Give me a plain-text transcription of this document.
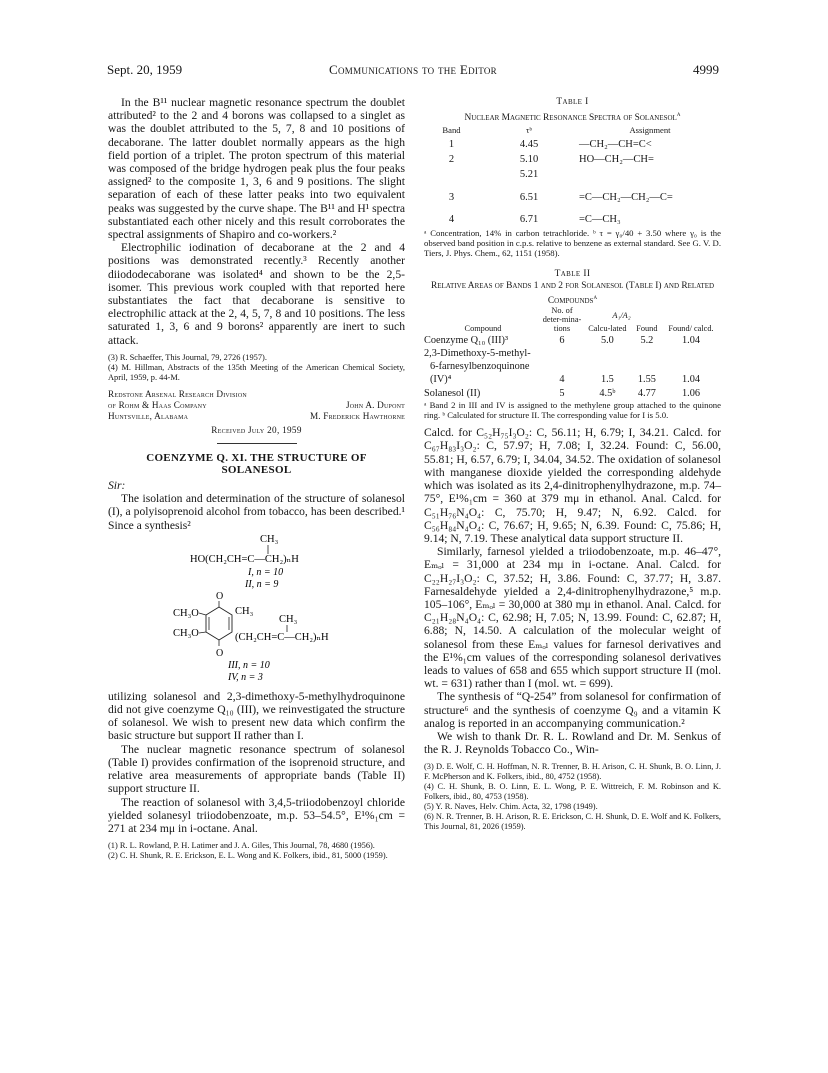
Sept. 20, 1959	Communications to the Editor	4999

In the B¹¹ nuclear magnetic resonance spectrum the doublet attributed² to the 2 and 4 borons was collapsed to a singlet as was the doublet attributed to the 5, 7, 8 and 10 positions of decaborane. The latter doublet normally appears as the high field portion of a triplet. The proton spectrum of this material was composed of the bridge hydrogen peak plus the four peaks assigned² to the composite 1, 3, 6 and 9 positions. The slight separation of each of these latter peaks into two equivalent peaks was suggested by the curve shape. The B¹¹ and H¹ spectra substantiated each other nicely and this result corroborates the spectral assignments of Shapiro and co-workers.²

Electrophilic iodination of decaborane at the 2 and 4 positions was demonstrated recently.³ Recently another diiododecaborane was isolated⁴ and shown to be the 2,5-isomer. This previous work coupled with that reported here substantiates the fact that decaborane is sensitive to electrophilic attack at the 2, 4, 5, 7, 8 and 10 positions. The less saturated 1, 3, 6 and 9 borons² apparently are inert to such attack.

(3) R. Schaeffer, This Journal, 79, 2726 (1957).

(4) M. Hillman, Abstracts of the 135th Meeting of the American Chemical Society, April, 1959, p. 44-M.

Redstone Arsenal Research Division
of Rohm & Haas Company	John A. Dupont
Huntsville, Alabama	M. Frederick Hawthorne
Received July 20, 1959
COENZYME Q. XI. THE STRUCTURE OF
SOLANESOL
Sir:

The isolation and determination of the structure of solanesol (I), a polyisoprenoid alcohol from tobacco, has been described.¹ Since a synthesis²

CH₃
HO(CH₂CH=C—CH₂)ₙH
I, n = 10
II, n = 9
O
O
CH₃O	CH₃
CH₃O
CH₃
(CH₂CH=C—CH₂)ₙH
III, n = 10
IV, n = 3

utilizing solanesol and 2,3-dimethoxy-5-methylhydroquinone did not give coenzyme Q₁₀ (III), we reinvestigated the structure of solanesol. We wish to present new data which confirm the basic structure but support II rather than I.

The nuclear magnetic resonance spectrum of solanesol (Table I) provides confirmation of the isoprenoid structure, and relative area measurements of appropriate bands (Table II) support structure II.

The reaction of solanesol with 3,4,5-triiodobenzoyl chloride yielded solanesyl triiodobenzoate, m.p. 53–54.5°, E¹%₁cm = 271 at 234 mμ in i-octane. Anal.

(1) R. L. Rowland, P. H. Latimer and J. A. Giles, This Journal, 78, 4680 (1956).

(2) C. H. Shunk, R. E. Erickson, E. L. Wong and K. Folkers, ibid., 81, 5000 (1959).

Table I
Nuclear Magnetic Resonance Spectra of Solanesol$^a$
Band	τᵇ	Assignment
1	4.45	—CH₂—CH=C<
2	5.10	HO—CH₂—CH=
	5.21	
3	6.51	=C—CH₂—CH₂—C=
4	6.71	=C—CH₃

ᵃ Concentration, 14% in carbon tetrachloride. ᵇ τ = γ₀/40 + 3.50 where γ₀ is the observed band position in c.p.s. relative to benzene as external standard. See G. V. D. Tiers, J. Phys. Chem., 62, 1151 (1958).

Table II
Relative Areas of Bands 1 and 2 for Solanesol (Table I) and Related Compounds$^a$
Compound	No. of deter-mina-tions	A₁/A₂		Found/ calcd.
		Calcu-lated	Found	
Coenzyme Q₁₀ (III)³	6	5.0	5.2	1.04
2,3-Dimethoxy-5-methyl-				
6-farnesylbenzoquinone				
(IV)⁴	4	1.5	1.55	1.04
Solanesol (II)	5	4.5ᵇ	4.77	1.06

ᵃ Band 2 in III and IV is assigned to the methylene group attached to the quinone ring. ᵇ Calculated for structure II. The corresponding value for I is 5.0.

Calcd. for C₅₂H₇₅I₃O₂: C, 56.11; H, 6.79; I, 34.21. Calcd. for C₆₇H₈₃I₃O₂: C, 57.97; H, 7.08; I, 32.24. Found: C, 56.00, 55.81; H, 6.57, 6.79; I, 34.04, 34.52. The oxidation of solanesol with manganese dioxide yielded the corresponding aldehyde which was isolated as its 2,4-dinitrophenylhydrazone, m.p. 74–75°, E¹%₁cm = 360 at 379 mμ in ethanol. Anal. Calcd. for C₅₁H₇₆N₄O₄: C, 75.70; H, 9.47; N, 6.92. Calcd. for C₅₆H₈₄N₄O₄: C, 76.67; H, 9.65; N, 6.39. Found: C, 75.86; H, 9.14; N, 7.19. These analytical data support structure II.

Similarly, farnesol yielded a triiodobenzoate, m.p. 46–47°, Eₘₒₗ = 31,000 at 234 mμ in i-octane. Anal. Calcd. for C₂₂H₂₇I₃O₂: C, 37.52; H, 3.86. Found: C, 37.77; H, 3.87. Farnesaldehyde yielded a 2,4-dinitrophenylhydrazone,⁵ m.p. 105–106°, Eₘₒₗ = 30,000 at 380 mμ in ethanol. Anal. Calcd. for C₂₁H₂₈N₄O₄: C, 62.98; H, 7.05; N, 13.99. Found: C, 62.87; H, 6.88; N, 14.50. A calculation of the molecular weight of solanesol from these Eₘₒₗ values for farnesol derivatives and the E¹%₁cm values of the corresponding solanesol derivatives leads to values of 658 and 655 which support structure II (mol. wt. = 631) rather than I (mol. wt. = 699).

The synthesis of “Q-254” from solanesol for confirmation of structure⁶ and the synthesis of coenzyme Q₉ and a vitamin K analog is reported in an accompanying communication.²

We wish to thank Dr. R. L. Rowland and Dr. M. Senkus of the R. J. Reynolds Tobacco Co., Win-

(3) D. E. Wolf, C. H. Hoffman, N. R. Trenner, B. H. Arison, C. H. Shunk, B. O. Linn, J. F. McPherson and K. Folkers, ibid., 80, 4752 (1958).

(4) C. H. Shunk, B. O. Linn, E. L. Wong, P. E. Wittreich, F. M. Robinson and K. Folkers, ibid., 80, 4753 (1958).

(5) Y. R. Naves, Helv. Chim. Acta, 32, 1798 (1949).

(6) N. R. Trenner, B. H. Arison, R. E. Erickson, C. H. Shunk, D. E. Wolf and K. Folkers, This Journal, 81, 2026 (1959).
